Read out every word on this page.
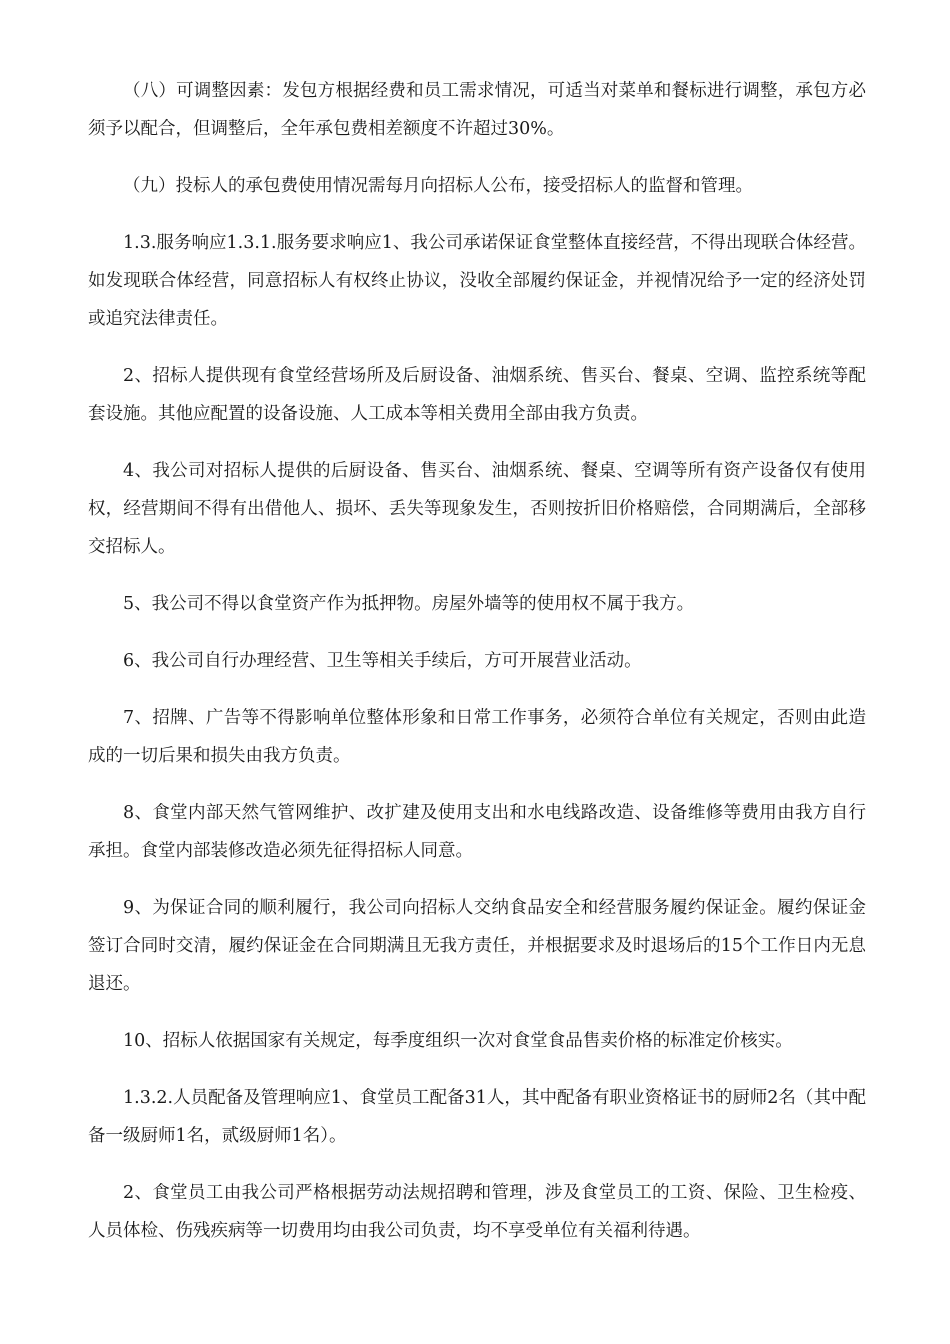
（八）可调整因素：发包方根据经费和员工需求情况，可适当对菜单和餐标进行调整，承包方必须予以配合，但调整后，全年承包费相差额度不许超过30%。

（九）投标人的承包费使用情况需每月向招标人公布，接受招标人的监督和管理。

1.3.服务响应1.3.1.服务要求响应1、我公司承诺保证食堂整体直接经营，不得出现联合体经营。如发现联合体经营，同意招标人有权终止协议，没收全部履约保证金，并视情况给予一定的经济处罚或追究法律责任。

2、招标人提供现有食堂经营场所及后厨设备、油烟系统、售买台、餐桌、空调、监控系统等配套设施。其他应配置的设备设施、人工成本等相关费用全部由我方负责。

4、我公司对招标人提供的后厨设备、售买台、油烟系统、餐桌、空调等所有资产设备仅有使用权，经营期间不得有出借他人、损坏、丢失等现象发生，否则按折旧价格赔偿，合同期满后，全部移交招标人。

5、我公司不得以食堂资产作为抵押物。房屋外墙等的使用权不属于我方。

6、我公司自行办理经营、卫生等相关手续后，方可开展营业活动。

7、招牌、广告等不得影响单位整体形象和日常工作事务，必须符合单位有关规定，否则由此造成的一切后果和损失由我方负责。

8、食堂内部天然气管网维护、改扩建及使用支出和水电线路改造、设备维修等费用由我方自行承担。食堂内部装修改造必须先征得招标人同意。

9、为保证合同的顺利履行，我公司向招标人交纳食品安全和经营服务履约保证金。履约保证金签订合同时交清，履约保证金在合同期满且无我方责任，并根据要求及时退场后的15个工作日内无息退还。

10、招标人依据国家有关规定，每季度组织一次对食堂食品售卖价格的标准定价核实。

1.3.2.人员配备及管理响应1、食堂员工配备31人，其中配备有职业资格证书的厨师2名（其中配备一级厨师1名，贰级厨师1名）。

2、食堂员工由我公司严格根据劳动法规招聘和管理，涉及食堂员工的工资、保险、卫生检疫、人员体检、伤残疾病等一切费用均由我公司负责，均不享受单位有关福利待遇。
